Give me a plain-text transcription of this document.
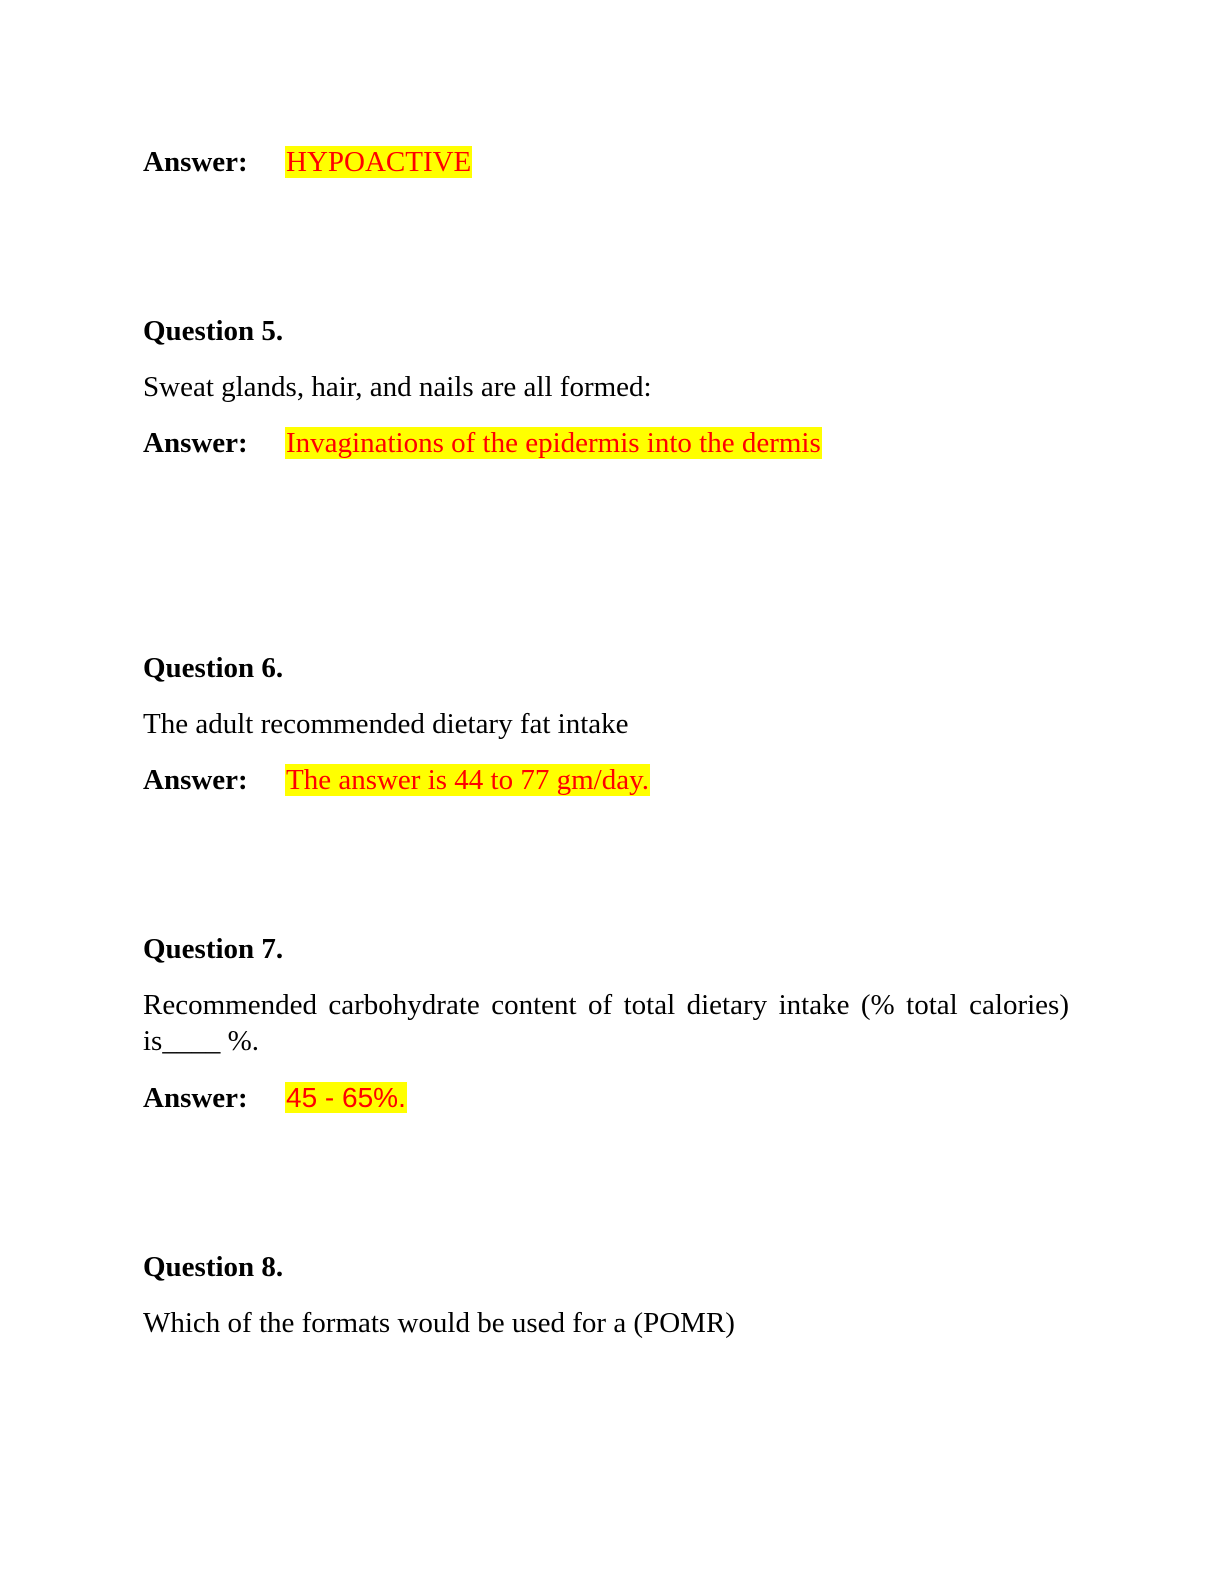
Answer: HYPOACTIVE
Question 5.
Sweat glands, hair, and nails are all formed:
Answer: Invaginations of the epidermis into the dermis
Question 6.
The adult recommended dietary fat intake
Answer: The answer is 44 to 77 gm/day.
Question 7.
Recommended carbohydrate content of total dietary intake (% total calories) is____ %.
Answer: 45 - 65%.
Question 8.
Which of the formats would be used for a (POMR)
